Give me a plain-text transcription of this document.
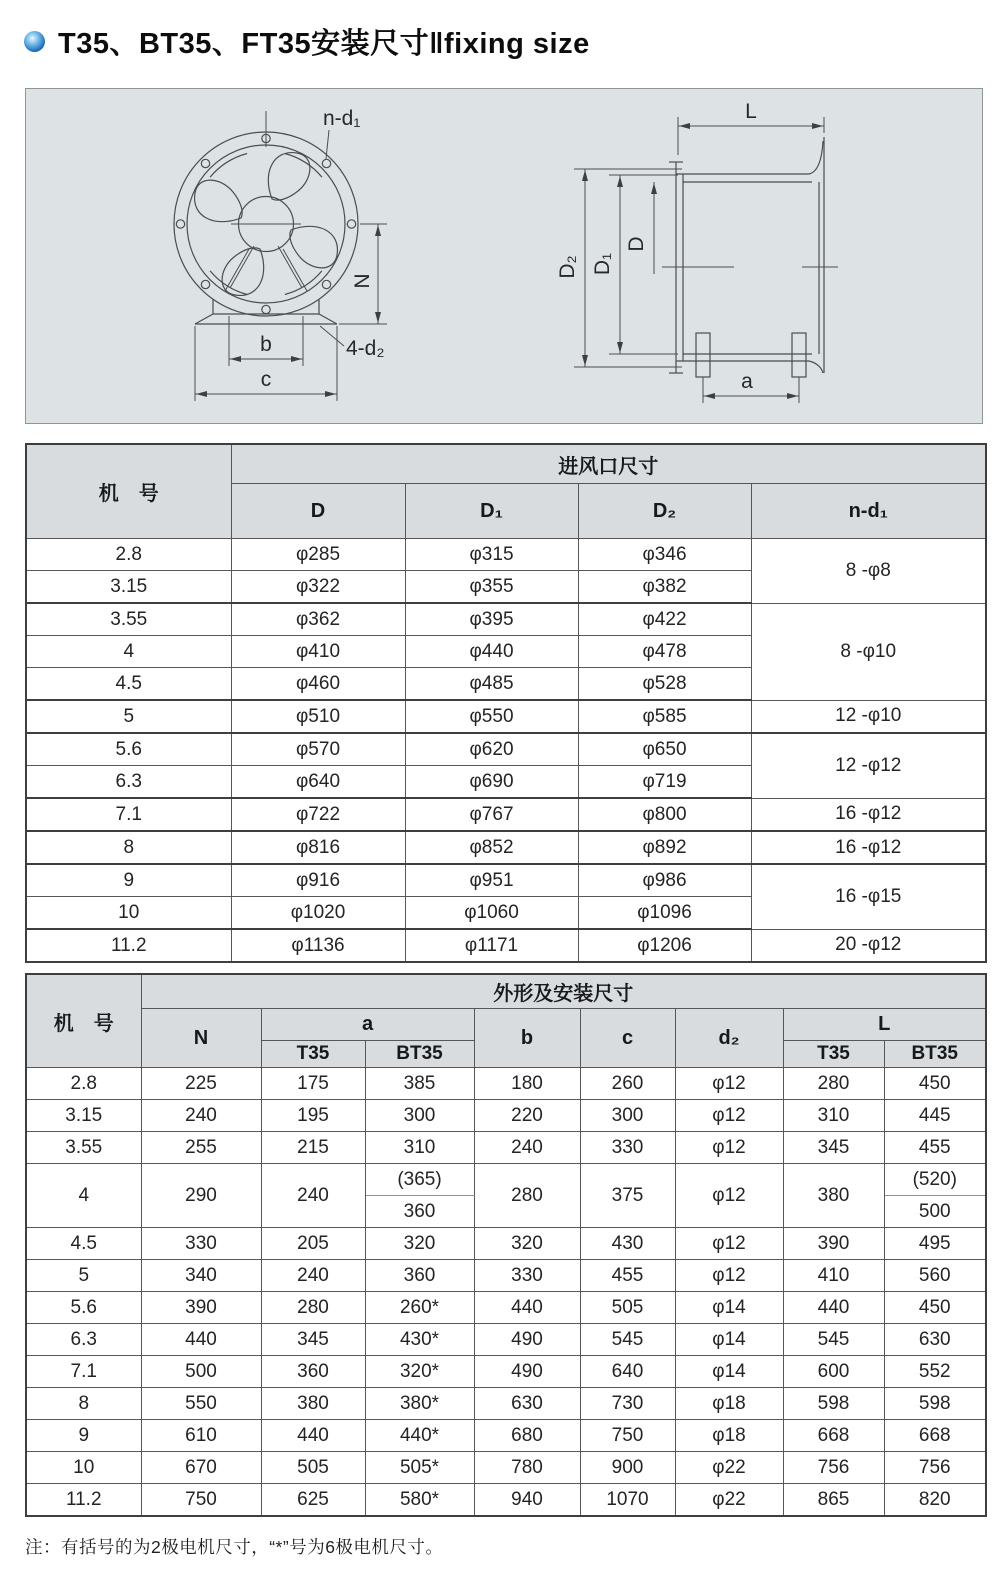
T35、BT35、FT35安装尺寸‖fixing size
n-d₁
N
b
c
4-d₂
L
D₂ D₁
D
a
机　号	进风口尺寸			
	D	D₁	D₂	n-d₁
2.8	φ285	φ315	φ346	8 -φ8
3.15	φ322	φ355	φ382	
3.55	φ362	φ395	φ422	8 -φ10
4	φ410	φ440	φ478	
4.5	φ460	φ485	φ528	
5	φ510	φ550	φ585	12 -φ10
5.6	φ570	φ620	φ650	12 -φ12
6.3	φ640	φ690	φ719	
7.1	φ722	φ767	φ800	16 -φ12
8	φ816	φ852	φ892	16 -φ12
9	φ916	φ951	φ986	16 -φ15
10	φ1020	φ1060	φ1096	
11.2	φ1136	φ1171	φ1206	20 -φ12
机　号	外形及安装尺寸							
	N	a		b	c	d₂	L	
		T35	BT35				T35	BT35
2.8	225	175	385	180	260	φ12	280	450
3.15	240	195	300	220	300	φ12	310	445
3.55	255	215	310	240	330	φ12	345	455
4	290	240	(365)	280	375	φ12	380	(520)
			360					500
4.5	330	205	320	320	430	φ12	390	495
5	340	240	360	330	455	φ12	410	560
5.6	390	280	260*	440	505	φ14	440	450
6.3	440	345	430*	490	545	φ14	545	630
7.1	500	360	320*	490	640	φ14	600	552
8	550	380	380*	630	730	φ18	598	598
9	610	440	440*	680	750	φ18	668	668
10	670	505	505*	780	900	φ22	756	756
11.2	750	625	580*	940	1070	φ22	865	820
注：有括号的为2极电机尺寸，“*”号为6极电机尺寸。
